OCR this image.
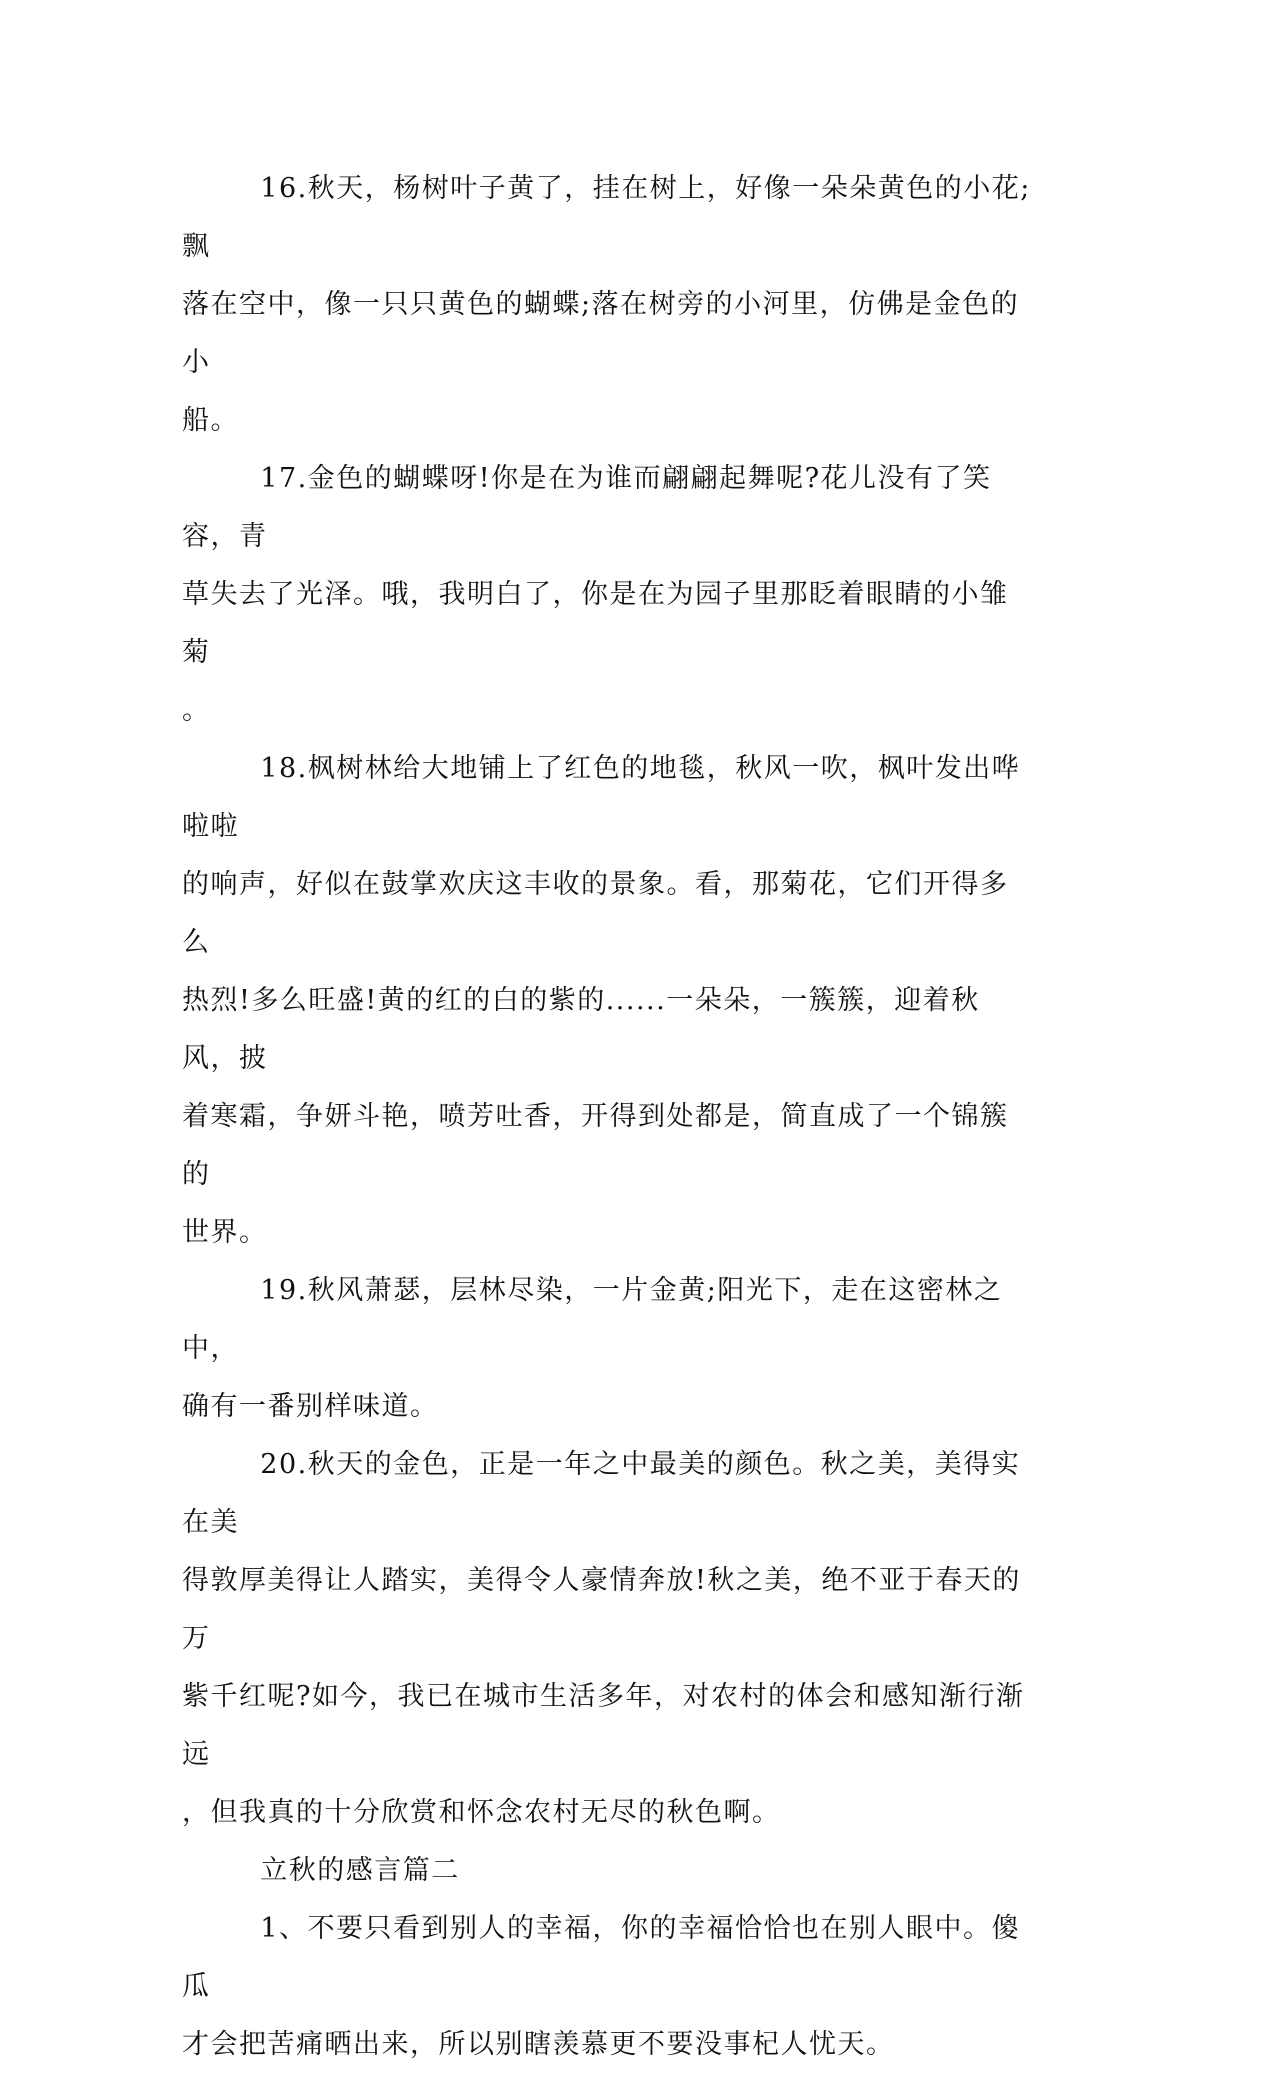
16.秋天，杨树叶子黄了，挂在树上，好像一朵朵黄色的小花;飘
落在空中，像一只只黄色的蝴蝶;落在树旁的小河里，仿佛是金色的小
船。

17.金色的蝴蝶呀!你是在为谁而翩翩起舞呢?花儿没有了笑容，青
草失去了光泽。哦，我明白了，你是在为园子里那眨着眼睛的小雏菊
。

18.枫树林给大地铺上了红色的地毯，秋风一吹，枫叶发出哗啦啦
的响声，好似在鼓掌欢庆这丰收的景象。看，那菊花，它们开得多么
热烈!多么旺盛!黄的红的白的紫的......一朵朵，一簇簇，迎着秋风，披
着寒霜，争妍斗艳，喷芳吐香，开得到处都是，简直成了一个锦簇的
世界。

19.秋风萧瑟，层林尽染，一片金黄;阳光下，走在这密林之中，
确有一番别样味道。

20.秋天的金色，正是一年之中最美的颜色。秋之美，美得实在美
得敦厚美得让人踏实，美得令人豪情奔放!秋之美，绝不亚于春天的万
紫千红呢?如今，我已在城市生活多年，对农村的体会和感知渐行渐远
，但我真的十分欣赏和怀念农村无尽的秋色啊。

立秋的感言篇二

1、不要只看到别人的幸福，你的幸福恰恰也在别人眼中。傻瓜
才会把苦痛晒出来，所以别瞎羡慕更不要没事杞人忧天。
